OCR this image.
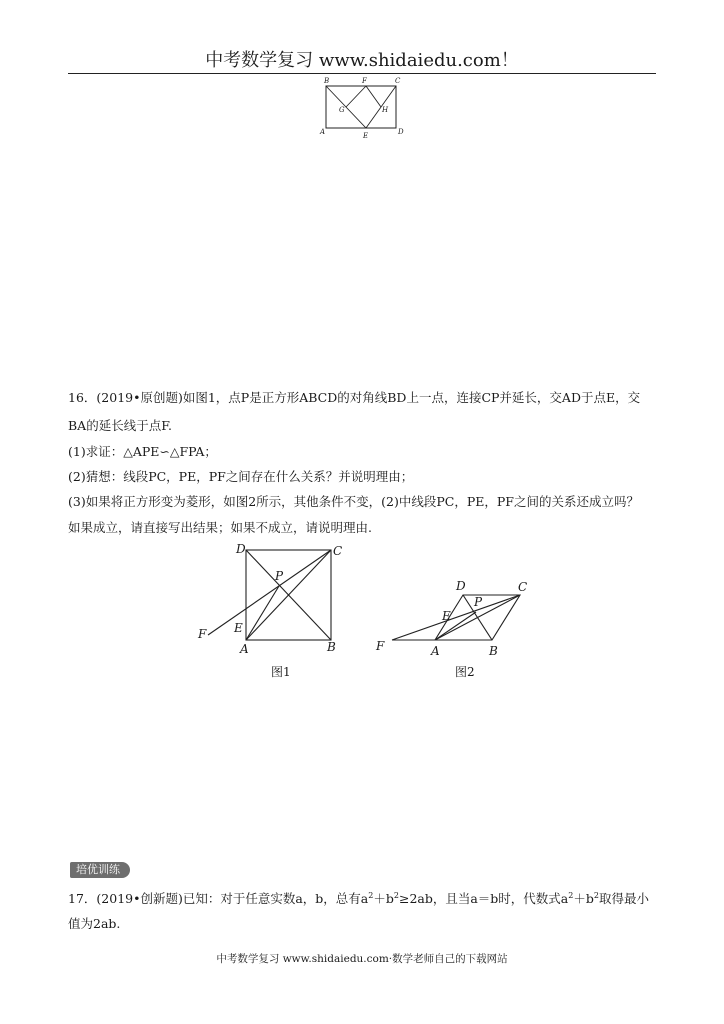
中考数学复习 www.shidaiedu.com！
B	F	C
G	H
A	E	D
16．(2019•原创题)如图1，点P是正方形ABCD的对角线BD上一点，连接CP并延长，交AD于点E，交
BA的延长线于点F.
(1)求证：△APE∽△FPA；
(2)猜想：线段PC，PE，PF之间存在什么关系？并说明理由；
(3)如果将正方形变为菱形，如图2所示，其他条件不变，(2)中线段PC，PE，PF之间的关系还成立吗？
如果成立，请直接写出结果；如果不成立，请说明理由.
D	C
P
E
F
A	B
图1
D	C
P
E
F	A	B
图2
培优训练
17．(2019•创新题)已知：对于任意实数a，b，总有$a^2+b^2\ge 2ab$，且当a＝b时，代数式$a^2+b^2$取得最小
值为2ab.
中考数学复习 www.shidaiedu.com·数学老师自己的下载网站
